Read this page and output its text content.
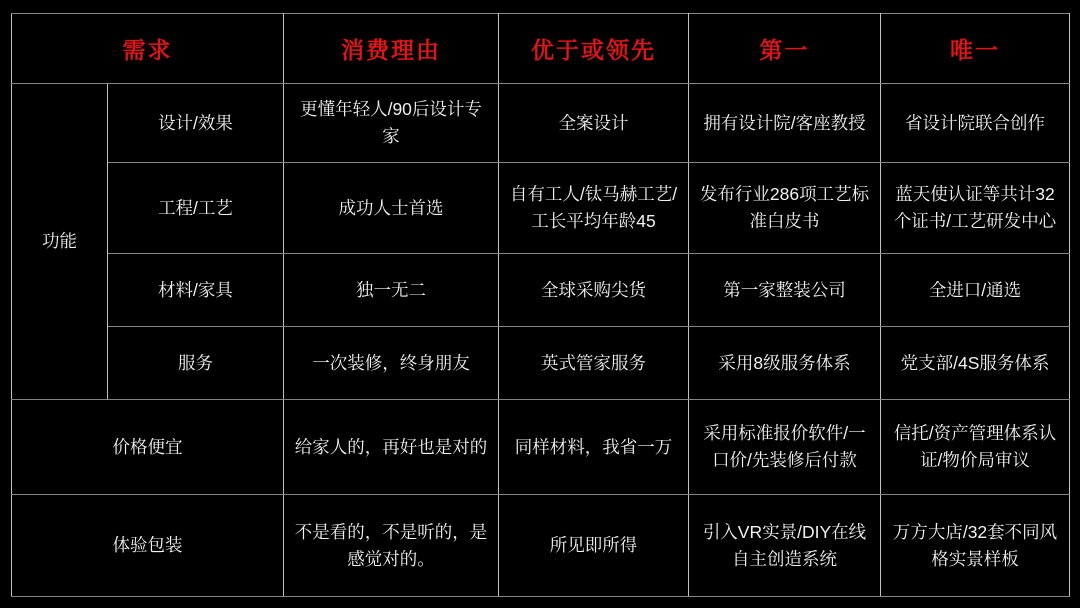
需求		消费理由	优于或领先	第一	唯一
功能	设计/效果	更懂年轻人/90后设计专家	全案设计	拥有设计院/客座教授	省设计院联合创作
	工程/工艺	成功人士首选	自有工人/钛马赫工艺/工长平均年龄45	发布行业286项工艺标准白皮书	蓝天使认证等共计32个证书/工艺研发中心
	材料/家具	独一无二	全球采购尖货	第一家整装公司	全进口/通选
	服务	一次装修，终身朋友	英式管家服务	采用8级服务体系	党支部/4S服务体系
价格便宜		给家人的，再好也是对的	同样材料，我省一万	采用标准报价软件/一口价/先装修后付款	信托/资产管理体系认证/物价局审议
体验包装		不是看的，不是听的，是感觉对的。	所见即所得	引入VR实景/DIY在线自主创造系统	万方大店/32套不同风格实景样板
